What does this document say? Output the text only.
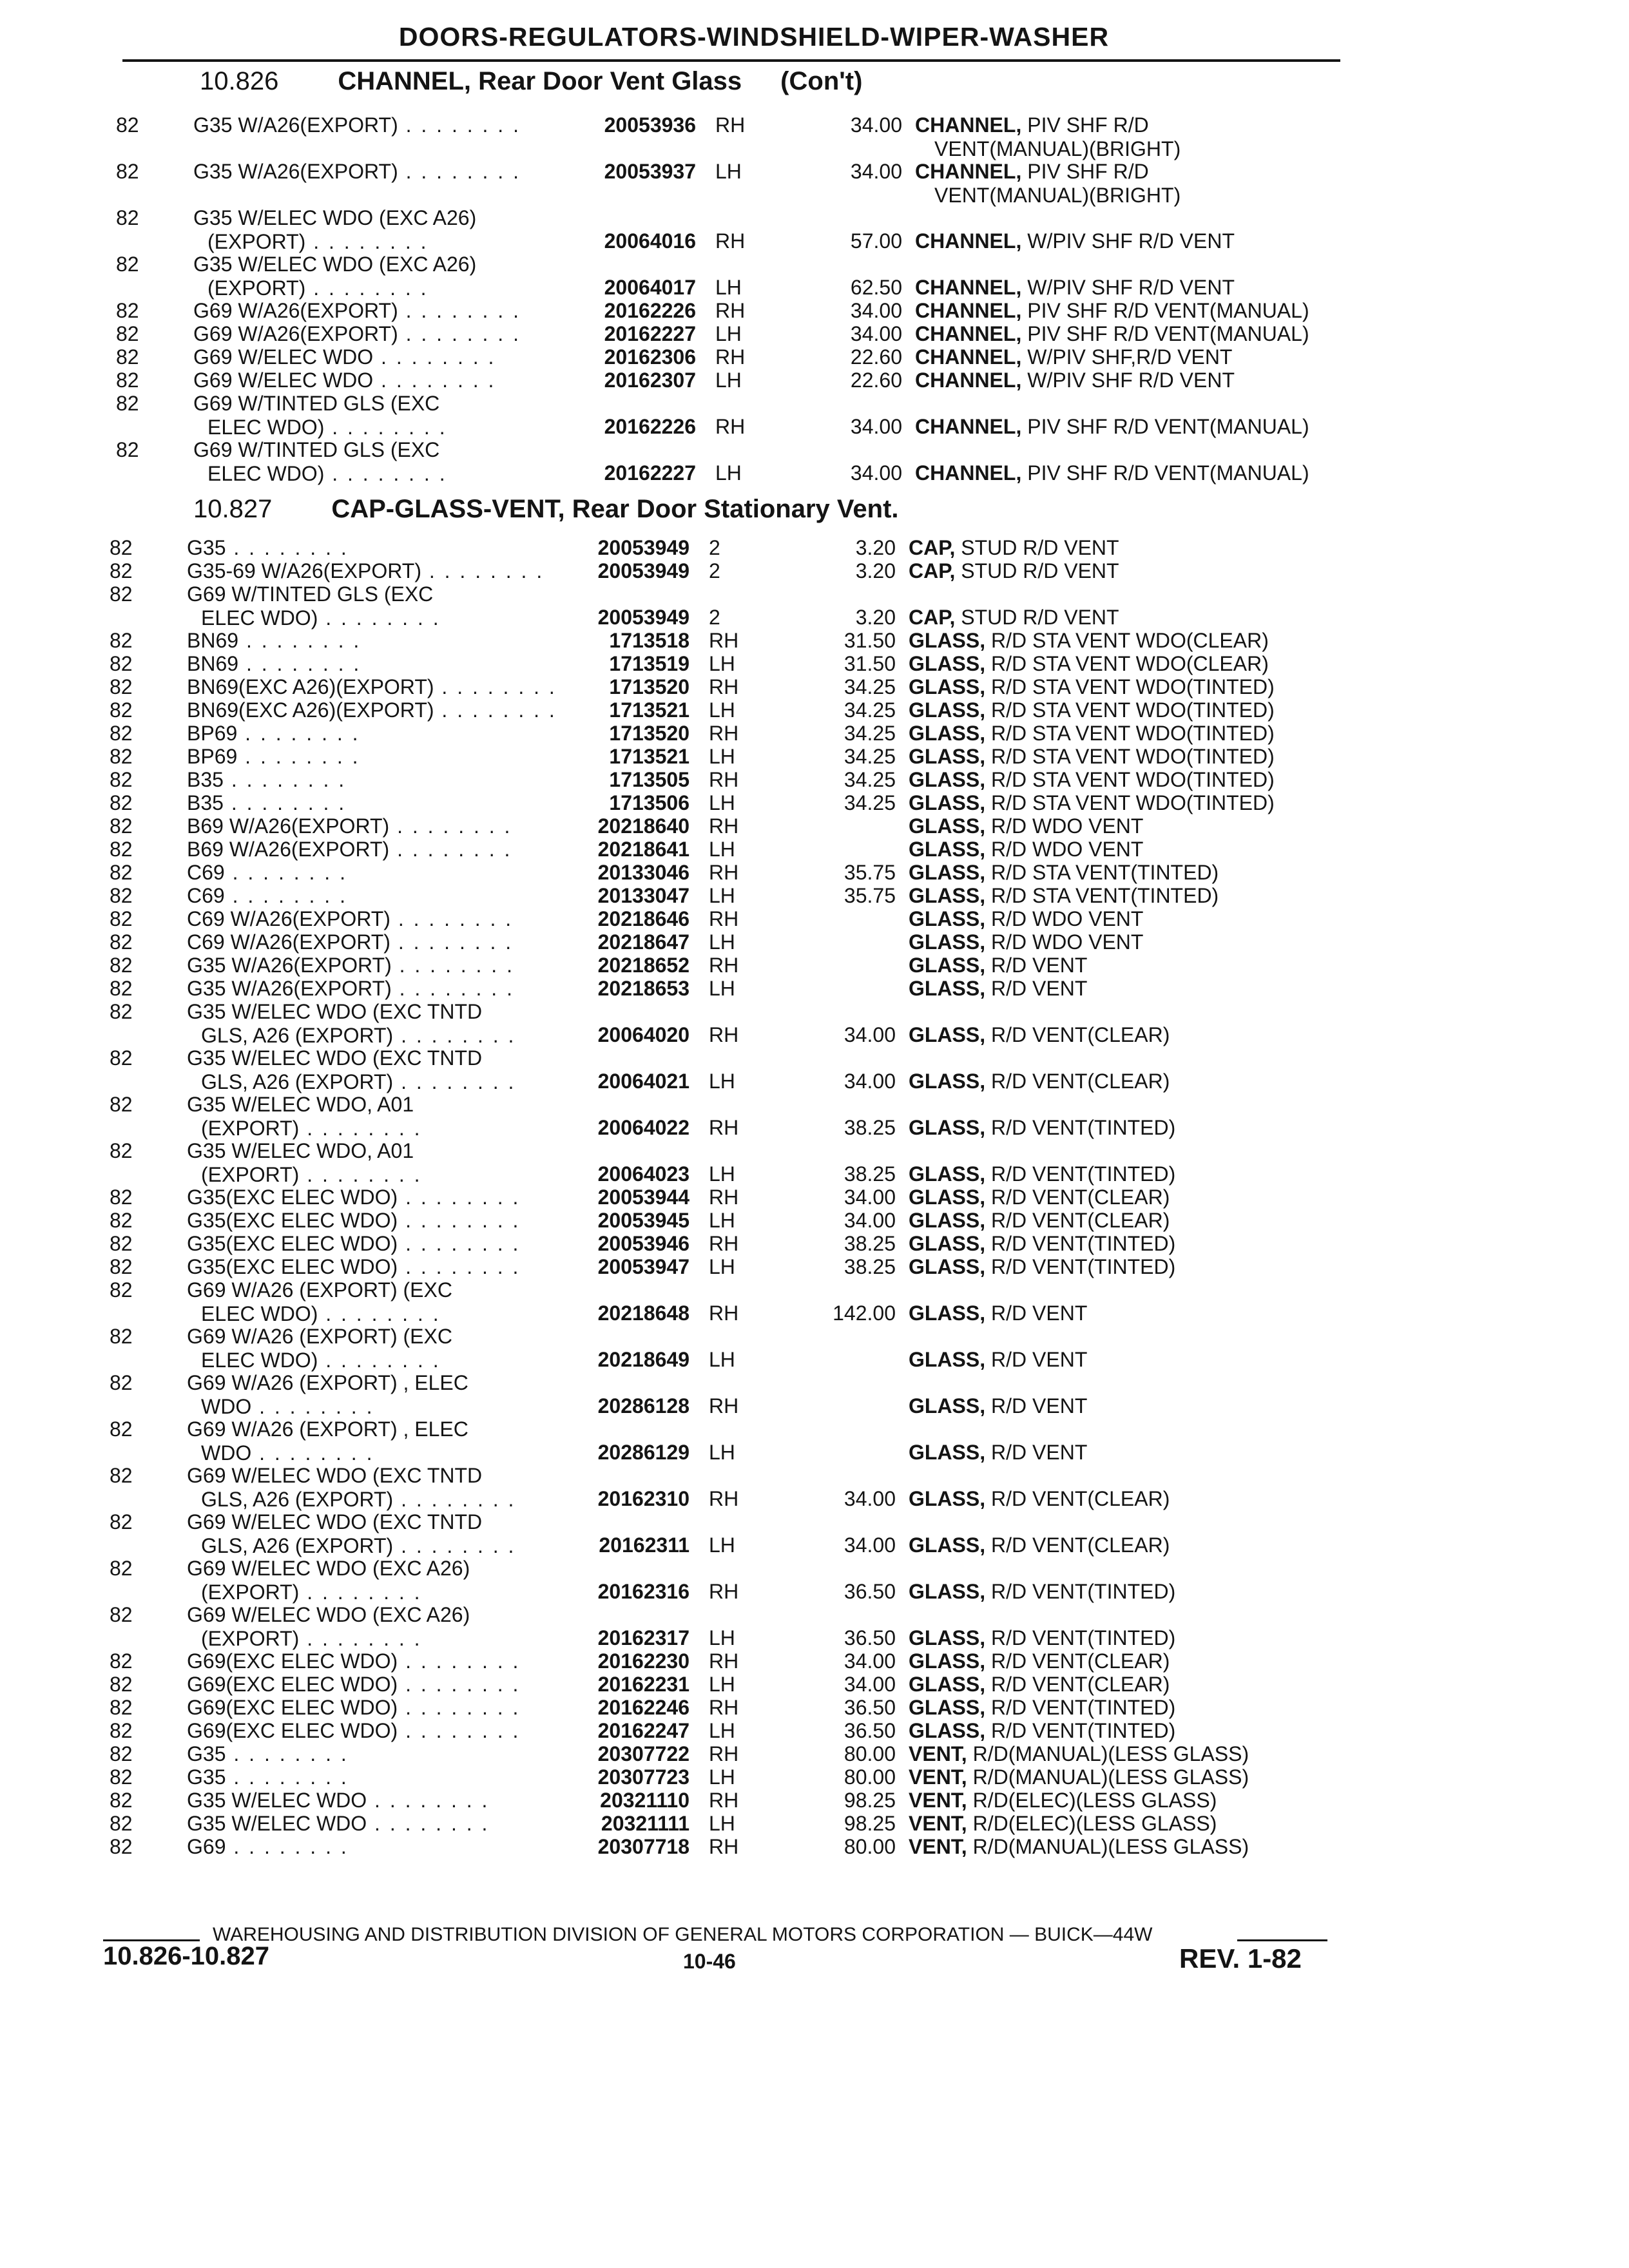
DOORS-REGULATORS-WINDSHIELD-WIPER-WASHER
10.826 CHANNEL, Rear Door Vent Glass (Con't)
10.827 CAP-GLASS-VENT, Rear Door Stationary Vent.
82	G35 W/A26(EXPORT) . . . . . . . .	20053936 RH	34.00 CHANNEL, PIV SHF R/D
VENT(MANUAL)(BRIGHT)
82	G35 W/A26(EXPORT) . . . . . . . .	20053937 LH	34.00 CHANNEL, PIV SHF R/D
VENT(MANUAL)(BRIGHT)
82	G35 W/ELEC WDO (EXC A26)
(EXPORT) . . . . . . . .	20064016 RH	57.00 CHANNEL, W/PIV SHF R/D VENT
82	G35 W/ELEC WDO (EXC A26)
(EXPORT) . . . . . . . .	20064017 LH	62.50 CHANNEL, W/PIV SHF R/D VENT
82	G69 W/A26(EXPORT) . . . . . . . .	20162226 RH	34.00 CHANNEL, PIV SHF R/D VENT(MANUAL)
82	G69 W/A26(EXPORT) . . . . . . . .	20162227 LH	34.00 CHANNEL, PIV SHF R/D VENT(MANUAL)
82	G69 W/ELEC WDO . . . . . . . .	20162306 RH	22.60 CHANNEL, W/PIV SHF,R/D VENT
82	G69 W/ELEC WDO . . . . . . . .	20162307 LH	22.60 CHANNEL, W/PIV SHF R/D VENT
82	G69 W/TINTED GLS (EXC
ELEC WDO) . . . . . . . .	20162226 RH	34.00 CHANNEL, PIV SHF R/D VENT(MANUAL)
82	G69 W/TINTED GLS (EXC
ELEC WDO) . . . . . . . .	20162227 LH	34.00 CHANNEL, PIV SHF R/D VENT(MANUAL)
82	G35 . . . . . . . .	20053949 2	3.20 CAP, STUD R/D VENT
82	G35-69 W/A26(EXPORT) . . . . . . . .	20053949 2	3.20 CAP, STUD R/D VENT
82	G69 W/TINTED GLS (EXC
ELEC WDO) . . . . . . . .	20053949 2	3.20 CAP, STUD R/D VENT
82	BN69 . . . . . . . .	1713518 RH	31.50 GLASS, R/D STA VENT WDO(CLEAR)
82	BN69 . . . . . . . .	1713519 LH	31.50 GLASS, R/D STA VENT WDO(CLEAR)
82	BN69(EXC A26)(EXPORT) . . . . . . . .	1713520 RH	34.25 GLASS, R/D STA VENT WDO(TINTED)
82	BN69(EXC A26)(EXPORT) . . . . . . . .	1713521 LH	34.25 GLASS, R/D STA VENT WDO(TINTED)
82	BP69 . . . . . . . .	1713520 RH	34.25 GLASS, R/D STA VENT WDO(TINTED)
82	BP69 . . . . . . . .	1713521 LH	34.25 GLASS, R/D STA VENT WDO(TINTED)
82	B35 . . . . . . . .	1713505 RH	34.25 GLASS, R/D STA VENT WDO(TINTED)
82	B35 . . . . . . . .	1713506 LH	34.25 GLASS, R/D STA VENT WDO(TINTED)
82	B69 W/A26(EXPORT) . . . . . . . .	20218640 RH	GLASS, R/D WDO VENT
82	B69 W/A26(EXPORT) . . . . . . . .	20218641 LH	GLASS, R/D WDO VENT
82	C69 . . . . . . . .	20133046 RH	35.75 GLASS, R/D STA VENT(TINTED)
82	C69 . . . . . . . .	20133047 LH	35.75 GLASS, R/D STA VENT(TINTED)
82	C69 W/A26(EXPORT) . . . . . . . .	20218646 RH	GLASS, R/D WDO VENT
82	C69 W/A26(EXPORT) . . . . . . . .	20218647 LH	GLASS, R/D WDO VENT
82	G35 W/A26(EXPORT) . . . . . . . .	20218652 RH	GLASS, R/D VENT
82	G35 W/A26(EXPORT) . . . . . . . .	20218653 LH	GLASS, R/D VENT
82	G35 W/ELEC WDO (EXC TNTD
GLS, A26 (EXPORT) . . . . . . . .	20064020 RH	34.00 GLASS, R/D VENT(CLEAR)
82	G35 W/ELEC WDO (EXC TNTD
GLS, A26 (EXPORT) . . . . . . . .	20064021 LH	34.00 GLASS, R/D VENT(CLEAR)
82	G35 W/ELEC WDO, A01
(EXPORT) . . . . . . . .	20064022 RH	38.25 GLASS, R/D VENT(TINTED)
82	G35 W/ELEC WDO, A01
(EXPORT) . . . . . . . .	20064023 LH	38.25 GLASS, R/D VENT(TINTED)
82	G35(EXC ELEC WDO) . . . . . . . .	20053944 RH	34.00 GLASS, R/D VENT(CLEAR)
82	G35(EXC ELEC WDO) . . . . . . . .	20053945 LH	34.00 GLASS, R/D VENT(CLEAR)
82	G35(EXC ELEC WDO) . . . . . . . .	20053946 RH	38.25 GLASS, R/D VENT(TINTED)
82	G35(EXC ELEC WDO) . . . . . . . .	20053947 LH	38.25 GLASS, R/D VENT(TINTED)
82	G69 W/A26 (EXPORT) (EXC
ELEC WDO) . . . . . . . .	20218648 RH	142.00 GLASS, R/D VENT
82	G69 W/A26 (EXPORT) (EXC
ELEC WDO) . . . . . . . .	20218649 LH	GLASS, R/D VENT
82	G69 W/A26 (EXPORT) , ELEC
WDO . . . . . . . .	20286128 RH	GLASS, R/D VENT
82	G69 W/A26 (EXPORT) , ELEC
WDO . . . . . . . .	20286129 LH	GLASS, R/D VENT
82	G69 W/ELEC WDO (EXC TNTD
GLS, A26 (EXPORT) . . . . . . . .	20162310 RH	34.00 GLASS, R/D VENT(CLEAR)
82	G69 W/ELEC WDO (EXC TNTD
GLS, A26 (EXPORT) . . . . . . . .	20162311 LH	34.00 GLASS, R/D VENT(CLEAR)
82	G69 W/ELEC WDO (EXC A26)
(EXPORT) . . . . . . . .	20162316 RH	36.50 GLASS, R/D VENT(TINTED)
82	G69 W/ELEC WDO (EXC A26)
(EXPORT) . . . . . . . .	20162317 LH	36.50 GLASS, R/D VENT(TINTED)
82	G69(EXC ELEC WDO) . . . . . . . .	20162230 RH	34.00 GLASS, R/D VENT(CLEAR)
82	G69(EXC ELEC WDO) . . . . . . . .	20162231 LH	34.00 GLASS, R/D VENT(CLEAR)
82	G69(EXC ELEC WDO) . . . . . . . .	20162246 RH	36.50 GLASS, R/D VENT(TINTED)
82	G69(EXC ELEC WDO) . . . . . . . .	20162247 LH	36.50 GLASS, R/D VENT(TINTED)
82	G35 . . . . . . . .	20307722 RH	80.00 VENT, R/D(MANUAL)(LESS GLASS)
82	G35 . . . . . . . .	20307723 LH	80.00 VENT, R/D(MANUAL)(LESS GLASS)
82	G35 W/ELEC WDO . . . . . . . .	20321110 RH	98.25 VENT, R/D(ELEC)(LESS GLASS)
82	G35 W/ELEC WDO . . . . . . . .	20321111 LH	98.25 VENT, R/D(ELEC)(LESS GLASS)
82	G69 . . . . . . . .	20307718 RH	80.00 VENT, R/D(MANUAL)(LESS GLASS)
WAREHOUSING AND DISTRIBUTION DIVISION OF GENERAL MOTORS CORPORATION — BUICK—44W
10.826-10.827	10-46	REV. 1-82
